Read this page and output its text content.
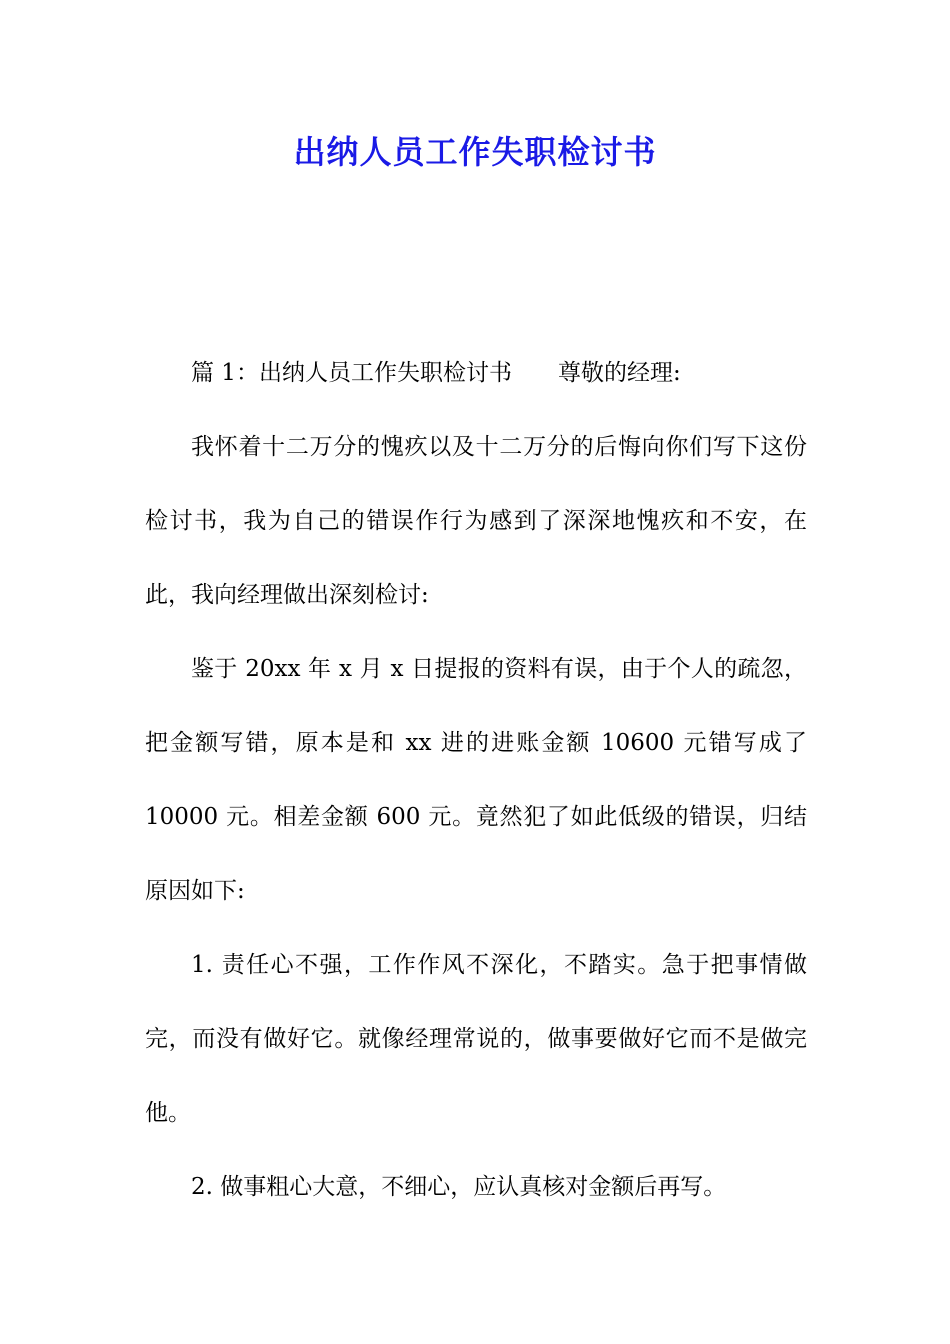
出纳人员工作失职检讨书

篇 1：出纳人员工作失职检讨书 尊敬的经理:

我怀着十二万分的愧疚以及十二万分的后悔向你们写下这份检讨书，我为自己的错误作行为感到了深深地愧疚和不安，在此，我向经理做出深刻检讨:

鉴于 20xx 年 x 月 x 日提报的资料有误，由于个人的疏忽，把金额写错，原本是和 xx 进的进账金额 10600 元错写成了10000 元。相差金额 600 元。竟然犯了如此低级的错误，归结原因如下:

1. 责任心不强，工作作风不深化，不踏实。急于把事情做完，而没有做好它。就像经理常说的，做事要做好它而不是做完他。

2. 做事粗心大意，不细心，应认真核对金额后再写。
